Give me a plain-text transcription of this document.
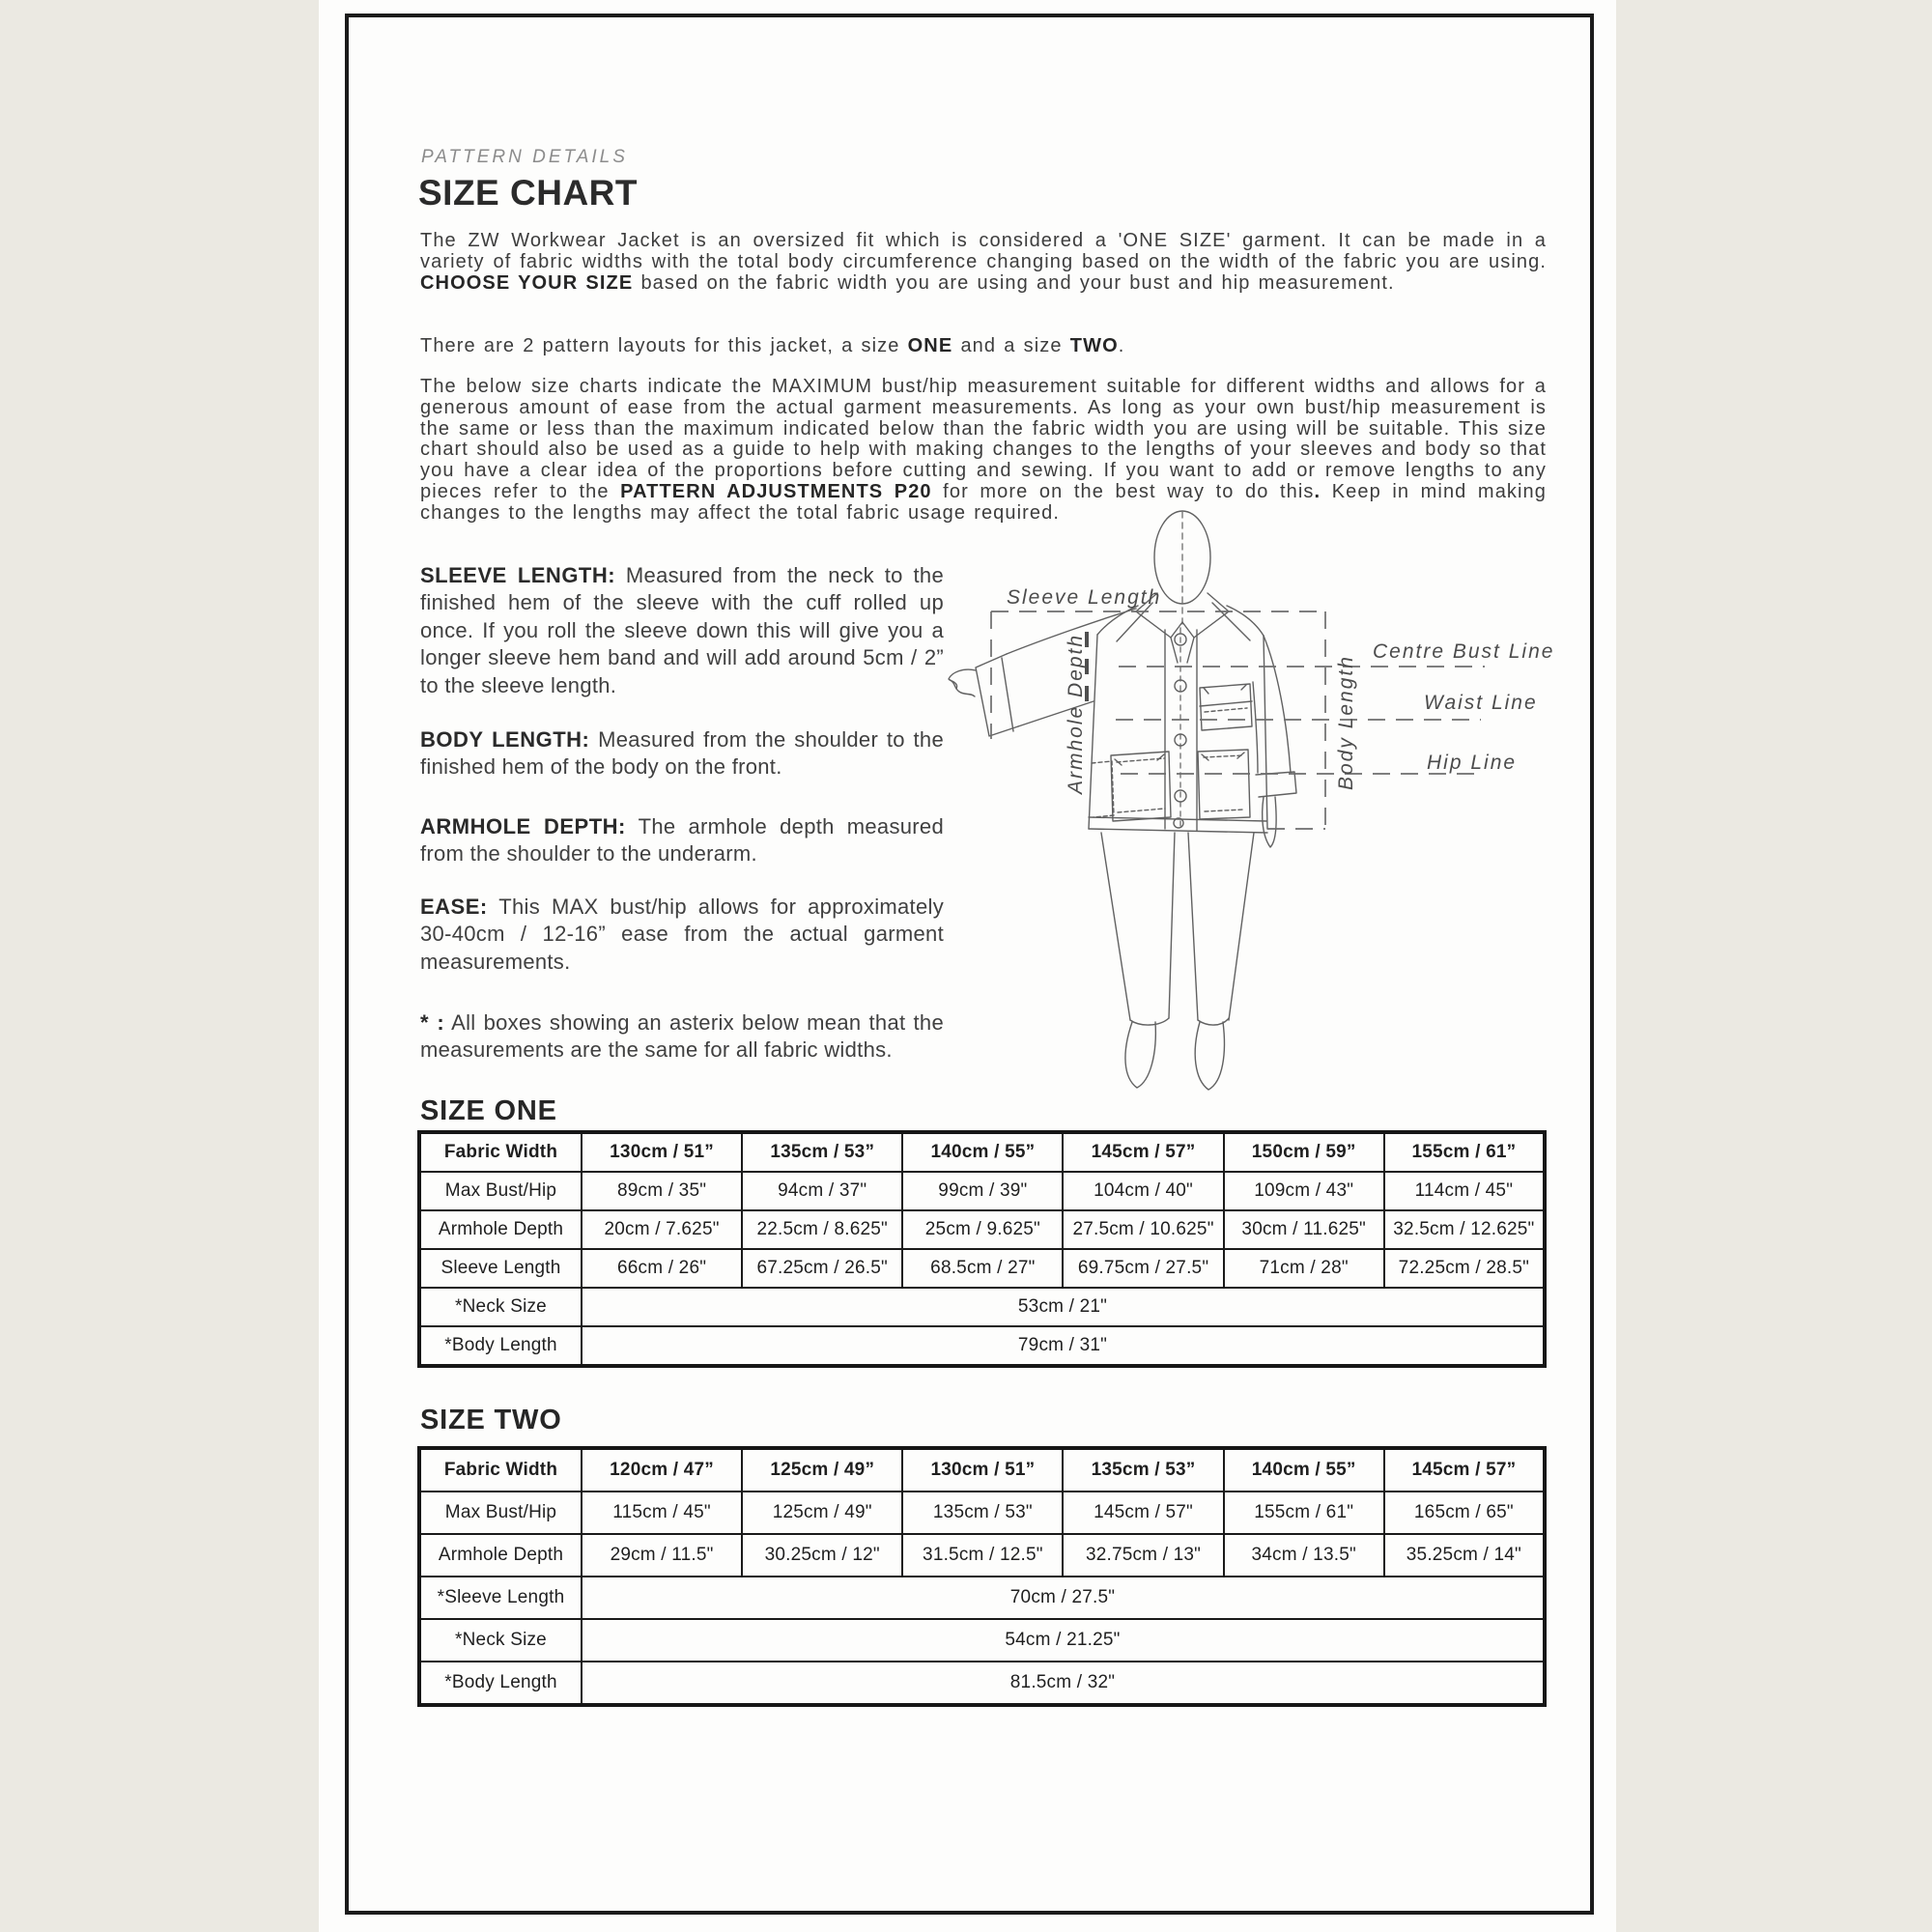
PATTERN DETAILS
SIZE CHART

The ZW Workwear Jacket is an oversized fit which is considered a 'ONE SIZE' garment. It can be made in a variety of fabric widths with the total body circumference changing based on the width of the fabric you are using. CHOOSE YOUR SIZE based on the fabric width you are using and your bust and hip measurement.

There are 2 pattern layouts for this jacket, a size ONE and a size TWO.

The below size charts indicate the MAXIMUM bust/hip measurement suitable for different widths and allows for a generous amount of ease from the actual garment measurements. As long as your own bust/hip measurement is the same or less than the maximum indicated below than the fabric width you are using will be suitable. This size chart should also be used as a guide to help with making changes to the lengths of your sleeves and body so that you have a clear idea of the proportions before cutting and sewing. If you want to add or remove lengths to any pieces refer to the PATTERN ADJUSTMENTS P20 for more on the best way to do this. Keep in mind making changes to the lengths may affect the total fabric usage required.

SLEEVE LENGTH: Measured from the neck to the finished hem of the sleeve with the cuff rolled up once. If you roll the sleeve down this will give you a longer sleeve hem band and will add around 5cm / 2” to the sleeve length.

BODY LENGTH: Measured from the shoulder to the finished hem of the body on the front.

ARMHOLE DEPTH: The armhole depth measured from the shoulder to the underarm.

EASE: This MAX bust/hip allows for approximately 30-40cm / 12-16” ease from the actual garment measurements.

* : All boxes showing an asterix below mean that the measurements are the same for all fabric widths.

Sleeve Length
Centre Bust Line
Waist Line
Hip Line
Armhole Depth	Body Length
SIZE ONE
Fabric Width	130cm / 51”	135cm / 53”	140cm / 55”	145cm / 57”	150cm / 59”	155cm / 61”
Max Bust/Hip	89cm / 35"	94cm / 37"	99cm / 39"	104cm / 40"	109cm / 43"	114cm / 45"
Armhole Depth	20cm / 7.625"	22.5cm / 8.625"	25cm / 9.625"	27.5cm / 10.625"	30cm / 11.625"	32.5cm / 12.625"
Sleeve Length	66cm / 26"	67.25cm / 26.5"	68.5cm / 27"	69.75cm / 27.5"	71cm / 28"	72.25cm / 28.5"
*Neck Size	53cm / 21"					
*Body Length	79cm / 31"					
SIZE TWO
Fabric Width	120cm / 47”	125cm / 49”	130cm / 51”	135cm / 53”	140cm / 55”	145cm / 57”
Max Bust/Hip	115cm / 45"	125cm / 49"	135cm / 53"	145cm / 57"	155cm / 61"	165cm / 65"
Armhole Depth	29cm / 11.5"	30.25cm / 12"	31.5cm / 12.5"	32.75cm / 13"	34cm / 13.5"	35.25cm / 14"
*Sleeve Length	70cm / 27.5"					
*Neck Size	54cm / 21.25"					
*Body Length	81.5cm / 32"					
